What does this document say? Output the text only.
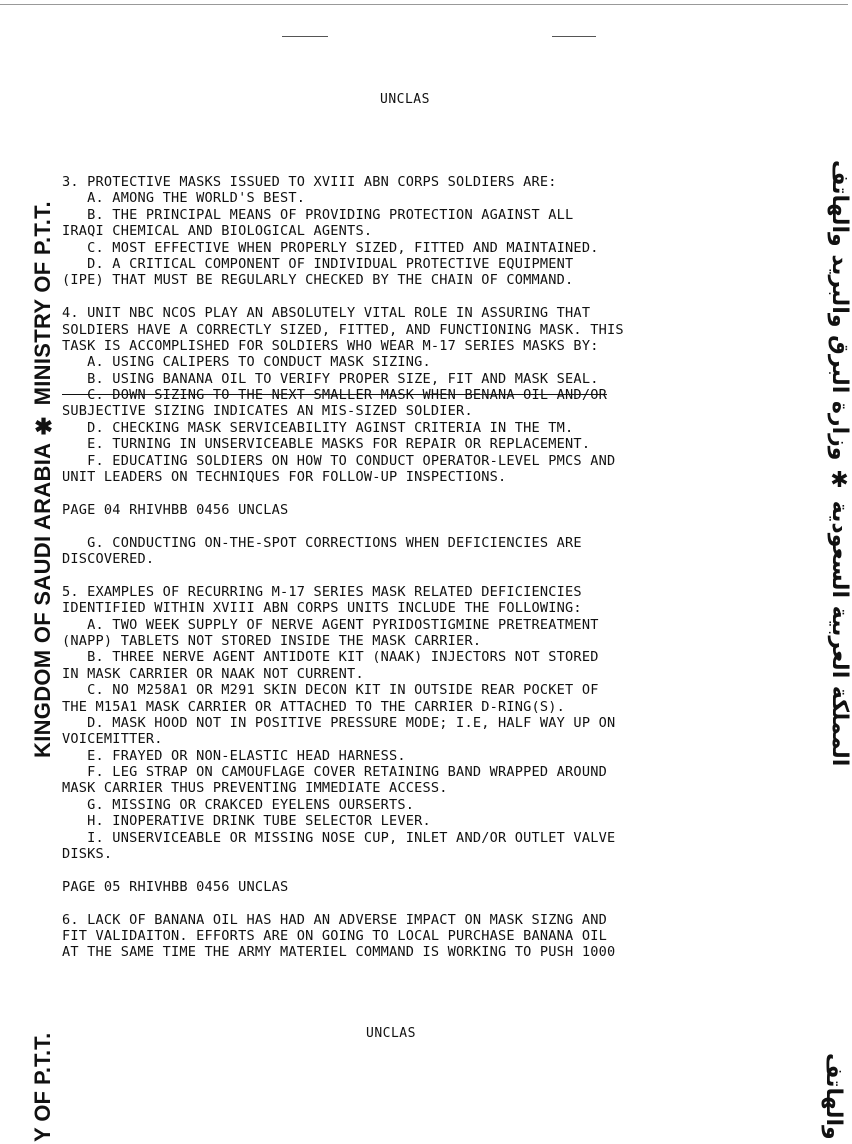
UNCLAS
KINGDOM OF SAUDI ARABIA ✱ MINISTRY OF P.T.T.
Y OF P.T.T.
المملكة العربية السعودية ✱ وزارة البرق والبريد والهاتف
والهاتف
3. PROTECTIVE MASKS ISSUED TO XVIII ABN CORPS SOLDIERS ARE:
A. AMONG THE WORLD'S BEST.
B. THE PRINCIPAL MEANS OF PROVIDING PROTECTION AGAINST ALL
IRAQI CHEMICAL AND BIOLOGICAL AGENTS.
C. MOST EFFECTIVE WHEN PROPERLY SIZED, FITTED AND MAINTAINED.
D. A CRITICAL COMPONENT OF INDIVIDUAL PROTECTIVE EQUIPMENT
(IPE) THAT MUST BE REGULARLY CHECKED BY THE CHAIN OF COMMAND.
4. UNIT NBC NCOS PLAY AN ABSOLUTELY VITAL ROLE IN ASSURING THAT
SOLDIERS HAVE A CORRECTLY SIZED, FITTED, AND FUNCTIONING MASK. THIS
TASK IS ACCOMPLISHED FOR SOLDIERS WHO WEAR M-17 SERIES MASKS BY:
A. USING CALIPERS TO CONDUCT MASK SIZING.
B. USING BANANA OIL TO VERIFY PROPER SIZE, FIT AND MASK SEAL.
C. DOWN SIZING TO THE NEXT SMALLER MASK WHEN BENANA OIL AND/OR
SUBJECTIVE SIZING INDICATES AN MIS-SIZED SOLDIER.
D. CHECKING MASK SERVICEABILITY AGINST CRITERIA IN THE TM.
E. TURNING IN UNSERVICEABLE MASKS FOR REPAIR OR REPLACEMENT.
F. EDUCATING SOLDIERS ON HOW TO CONDUCT OPERATOR-LEVEL PMCS AND
UNIT LEADERS ON TECHNIQUES FOR FOLLOW-UP INSPECTIONS.
PAGE 04 RHIVHBB 0456 UNCLAS
G. CONDUCTING ON-THE-SPOT CORRECTIONS WHEN DEFICIENCIES ARE
DISCOVERED.
5. EXAMPLES OF RECURRING M-17 SERIES MASK RELATED DEFICIENCIES
IDENTIFIED WITHIN XVIII ABN CORPS UNITS INCLUDE THE FOLLOWING:
A. TWO WEEK SUPPLY OF NERVE AGENT PYRIDOSTIGMINE PRETREATMENT
(NAPP) TABLETS NOT STORED INSIDE THE MASK CARRIER.
B. THREE NERVE AGENT ANTIDOTE KIT (NAAK) INJECTORS NOT STORED
IN MASK CARRIER OR NAAK NOT CURRENT.
C. NO M258A1 OR M291 SKIN DECON KIT IN OUTSIDE REAR POCKET OF
THE M15A1 MASK CARRIER OR ATTACHED TO THE CARRIER D-RING(S).
D. MASK HOOD NOT IN POSITIVE PRESSURE MODE; I.E, HALF WAY UP ON
VOICEMITTER.
E. FRAYED OR NON-ELASTIC HEAD HARNESS.
F. LEG STRAP ON CAMOUFLAGE COVER RETAINING BAND WRAPPED AROUND
MASK CARRIER THUS PREVENTING IMMEDIATE ACCESS.
G. MISSING OR CRAKCED EYELENS OURSERTS.
H. INOPERATIVE DRINK TUBE SELECTOR LEVER.
I. UNSERVICEABLE OR MISSING NOSE CUP, INLET AND/OR OUTLET VALVE
DISKS.
PAGE 05 RHIVHBB 0456 UNCLAS
6. LACK OF BANANA OIL HAS HAD AN ADVERSE IMPACT ON MASK SIZNG AND
FIT VALIDAITON. EFFORTS ARE ON GOING TO LOCAL PURCHASE BANANA OIL
AT THE SAME TIME THE ARMY MATERIEL COMMAND IS WORKING TO PUSH 1000
UNCLAS
